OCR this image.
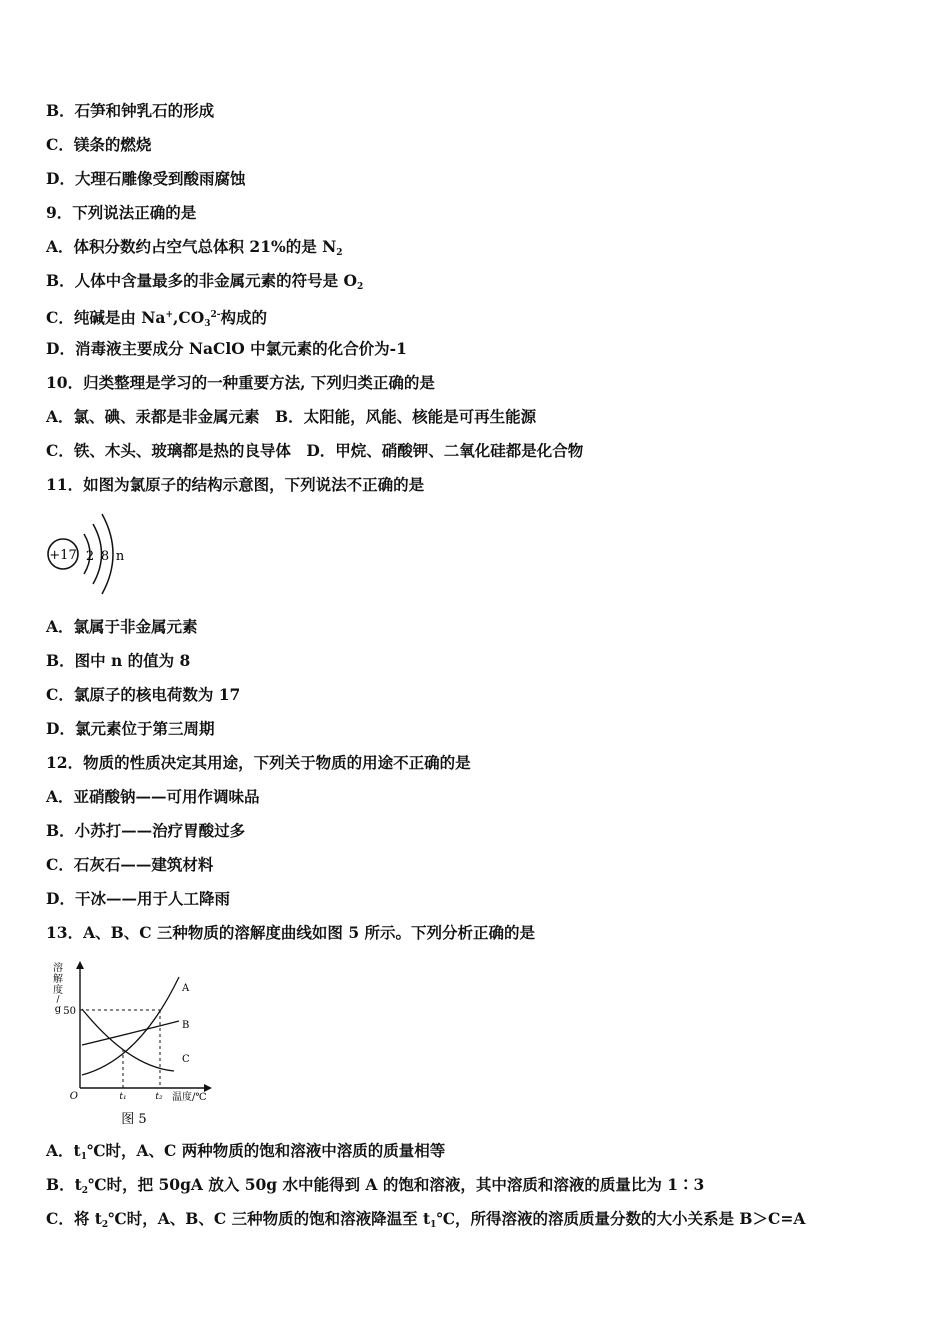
B．石笋和钟乳石的形成
C．镁条的燃烧
D．大理石雕像受到酸雨腐蚀
9．下列说法正确的是
A．体积分数约占空气总体积 21%的是 $N_2$
B．人体中含量最多的非金属元素的符号是 $O_2$
C．纯碱是由 $Na^+,CO_3^{2-}$构成的
D．消毒液主要成分 NaClO 中氯元素的化合价为-1
10．归类整理是学习的一种重要方法, 下列归类正确的是
A．氯、碘、汞都是非金属元素　B．太阳能，风能、核能是可再生能源
C．铁、木头、玻璃都是热的良导体　D．甲烷、硝酸钾、二氧化硅都是化合物
11．如图为氯原子的结构示意图，下列说法不正确的是
+17 2 8 n
A．氯属于非金属元素
B．图中 n 的值为 8
C．氯原子的核电荷数为 17
D．氯元素位于第三周期
12．物质的性质决定其用途，下列关于物质的用途不正确的是
A．亚硝酸钠——可用作调味品
B．小苏打——治疗胃酸过多
C．石灰石——建筑材料
D．干冰——用于人工降雨
13．A、B、C 三种物质的溶解度曲线如图 5 所示。下列分析正确的是
溶
解
度
/
g 50
O	t₁	t₂ 温度/℃
A
B
C
图 5
A．$t_1℃$时，A、C 两种物质的饱和溶液中溶质的质量相等
B．$t_2℃$时，把 50gA 放入 50g 水中能得到 A 的饱和溶液，其中溶质和溶液的质量比为 1∶3
C．将 $t_2℃$时，A、B、C 三种物质的饱和溶液降温至 $t_1℃$，所得溶液的溶质质量分数的大小关系是 B＞C=A
